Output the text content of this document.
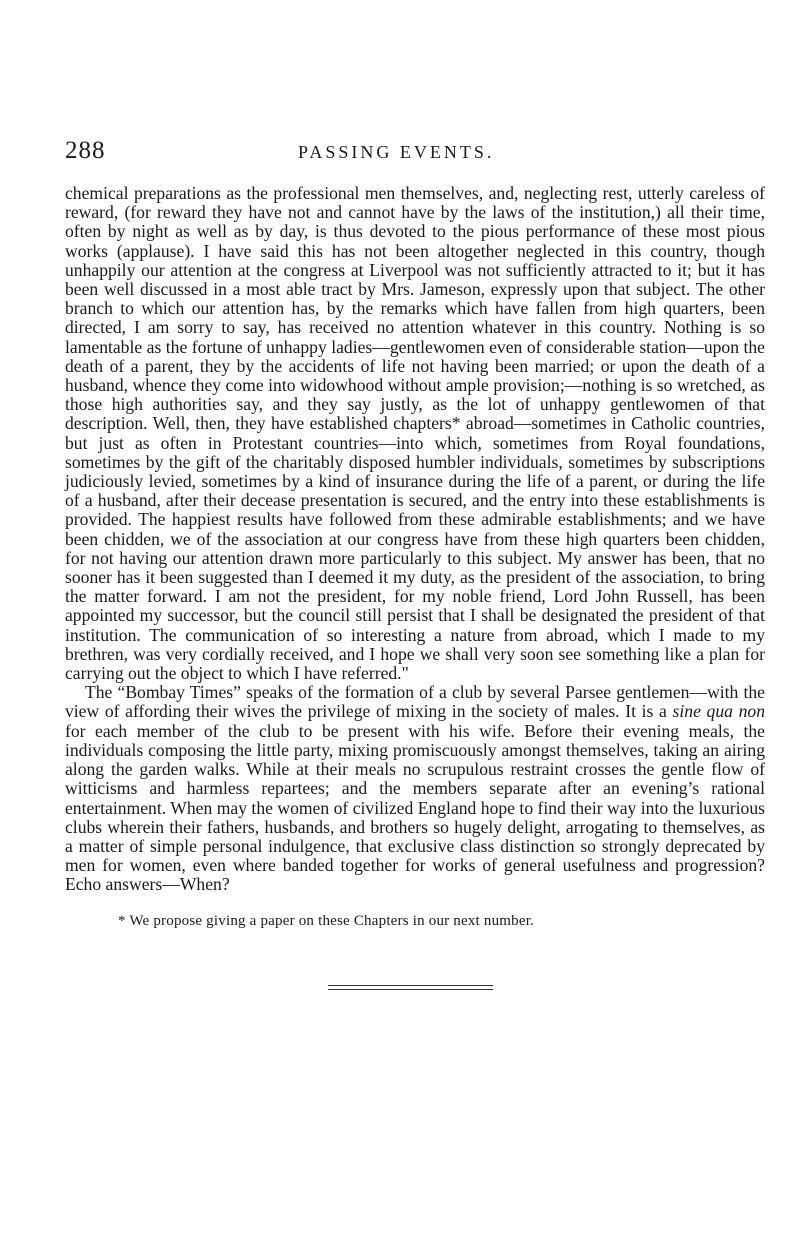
288	PASSING EVENTS.

chemical preparations as the professional men themselves, and, neglecting rest, utterly careless of reward, (for reward they have not and cannot have by the laws of the institution,) all their time, often by night as well as by day, is thus devoted to the pious performance of these most pious works (applause). I have said this has not been altogether neglected in this country, though unhappily our attention at the congress at Liverpool was not sufficiently attracted to it; but it has been well discussed in a most able tract by Mrs. Jameson, expressly upon that subject. The other branch to which our attention has, by the remarks which have fallen from high quarters, been directed, I am sorry to say, has received no attention whatever in this country. Nothing is so lamentable as the fortune of unhappy ladies—gentlewomen even of considerable station—upon the death of a parent, they by the accidents of life not having been married; or upon the death of a husband, whence they come into widowhood without ample provision;—nothing is so wretched, as those high authorities say, and they say justly, as the lot of unhappy gentlewomen of that description. Well, then, they have established chapters* abroad—sometimes in Catholic countries, but just as often in Protestant countries—into which, sometimes from Royal foundations, sometimes by the gift of the charitably disposed humbler individuals, sometimes by subscriptions judiciously levied, sometimes by a kind of insurance during the life of a parent, or during the life of a husband, after their decease presentation is secured, and the entry into these establishments is provided. The happiest results have followed from these admirable establishments; and we have been chidden, we of the association at our congress have from these high quarters been chidden, for not having our attention drawn more particularly to this subject. My answer has been, that no sooner has it been suggested than I deemed it my duty, as the president of the association, to bring the matter forward. I am not the president, for my noble friend, Lord John Russell, has been appointed my successor, but the council still persist that I shall be designated the president of that institution. The communication of so interesting a nature from abroad, which I made to my brethren, was very cordially received, and I hope we shall very soon see something like a plan for carrying out the object to which I have referred."

The “Bombay Times” speaks of the formation of a club by several Parsee gentlemen—with the view of affording their wives the privilege of mixing in the society of males. It is a sine qua non for each member of the club to be present with his wife. Before their evening meals, the individuals composing the little party, mixing promiscuously amongst themselves, taking an airing along the garden walks. While at their meals no scrupulous restraint crosses the gentle flow of witticisms and harmless repartees; and the members separate after an evening’s rational entertainment. When may the women of civilized England hope to find their way into the luxurious clubs wherein their fathers, husbands, and brothers so hugely delight, arrogating to themselves, as a matter of simple personal indulgence, that exclusive class distinction so strongly deprecated by men for women, even where banded together for works of general usefulness and progression? Echo answers—When?

* We propose giving a paper on these Chapters in our next number.
